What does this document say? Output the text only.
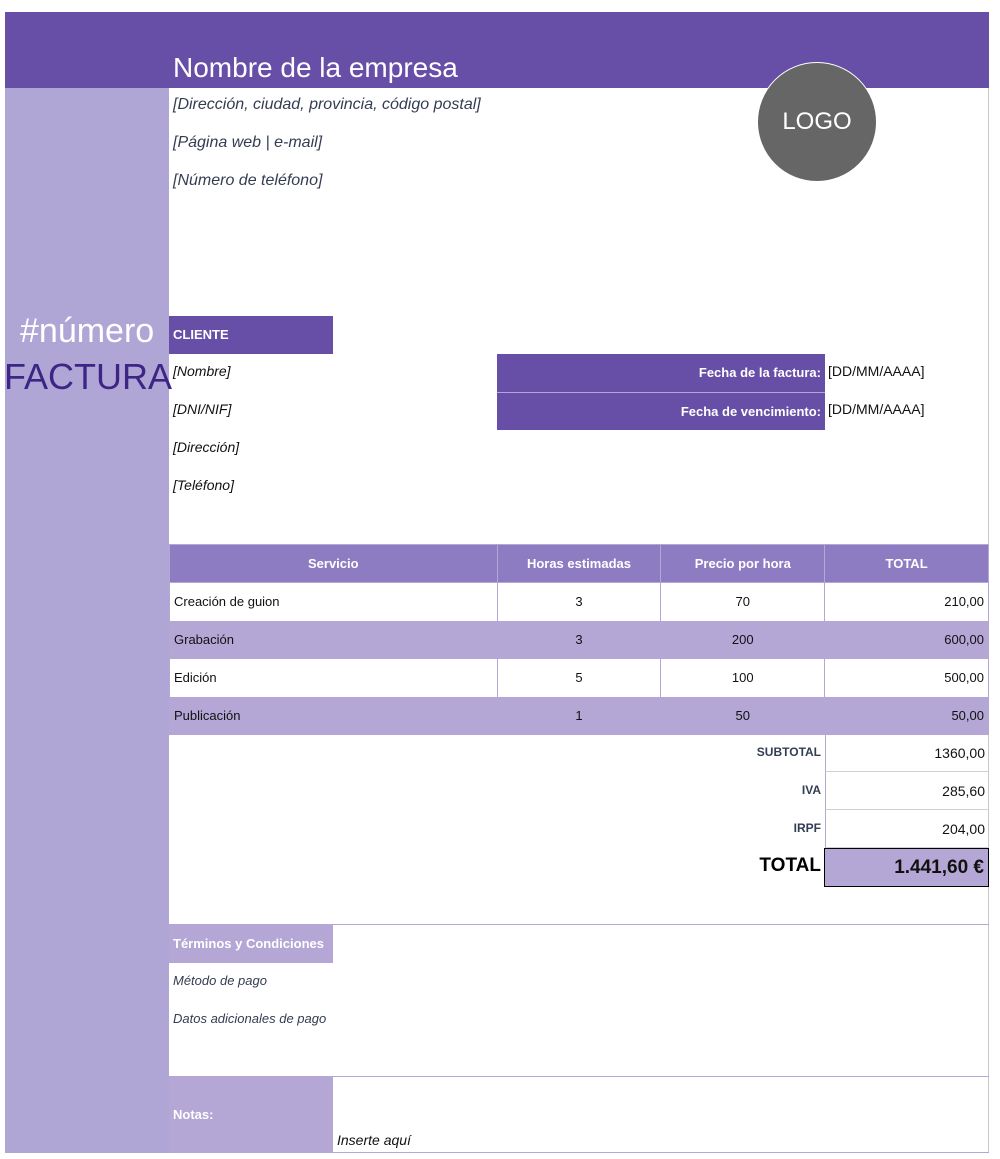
Nombre de la empresa
[Dirección, ciudad, provincia, código postal]
[Página web | e-mail]
[Número de teléfono]
LOGO
#número
FACTURA
CLIENTE
[Nombre]
[DNI/NIF]
[Dirección]
[Teléfono]
Fecha de la factura: [DD/MM/AAAA]
Fecha de vencimiento: [DD/MM/AAAA]
Servicio	Horas estimadas	Precio por hora	TOTAL
Creación de guion	3	70	210,00
Grabación	3	200	600,00
Edición	5	100	500,00
Publicación	1	50	50,00
SUBTOTAL	1360,00
IVA	285,60
IRPF	204,00
TOTAL	1.441,60 €
Términos y Condiciones
Método de pago
Datos adicionales de pago
Notas:
Inserte aquí
